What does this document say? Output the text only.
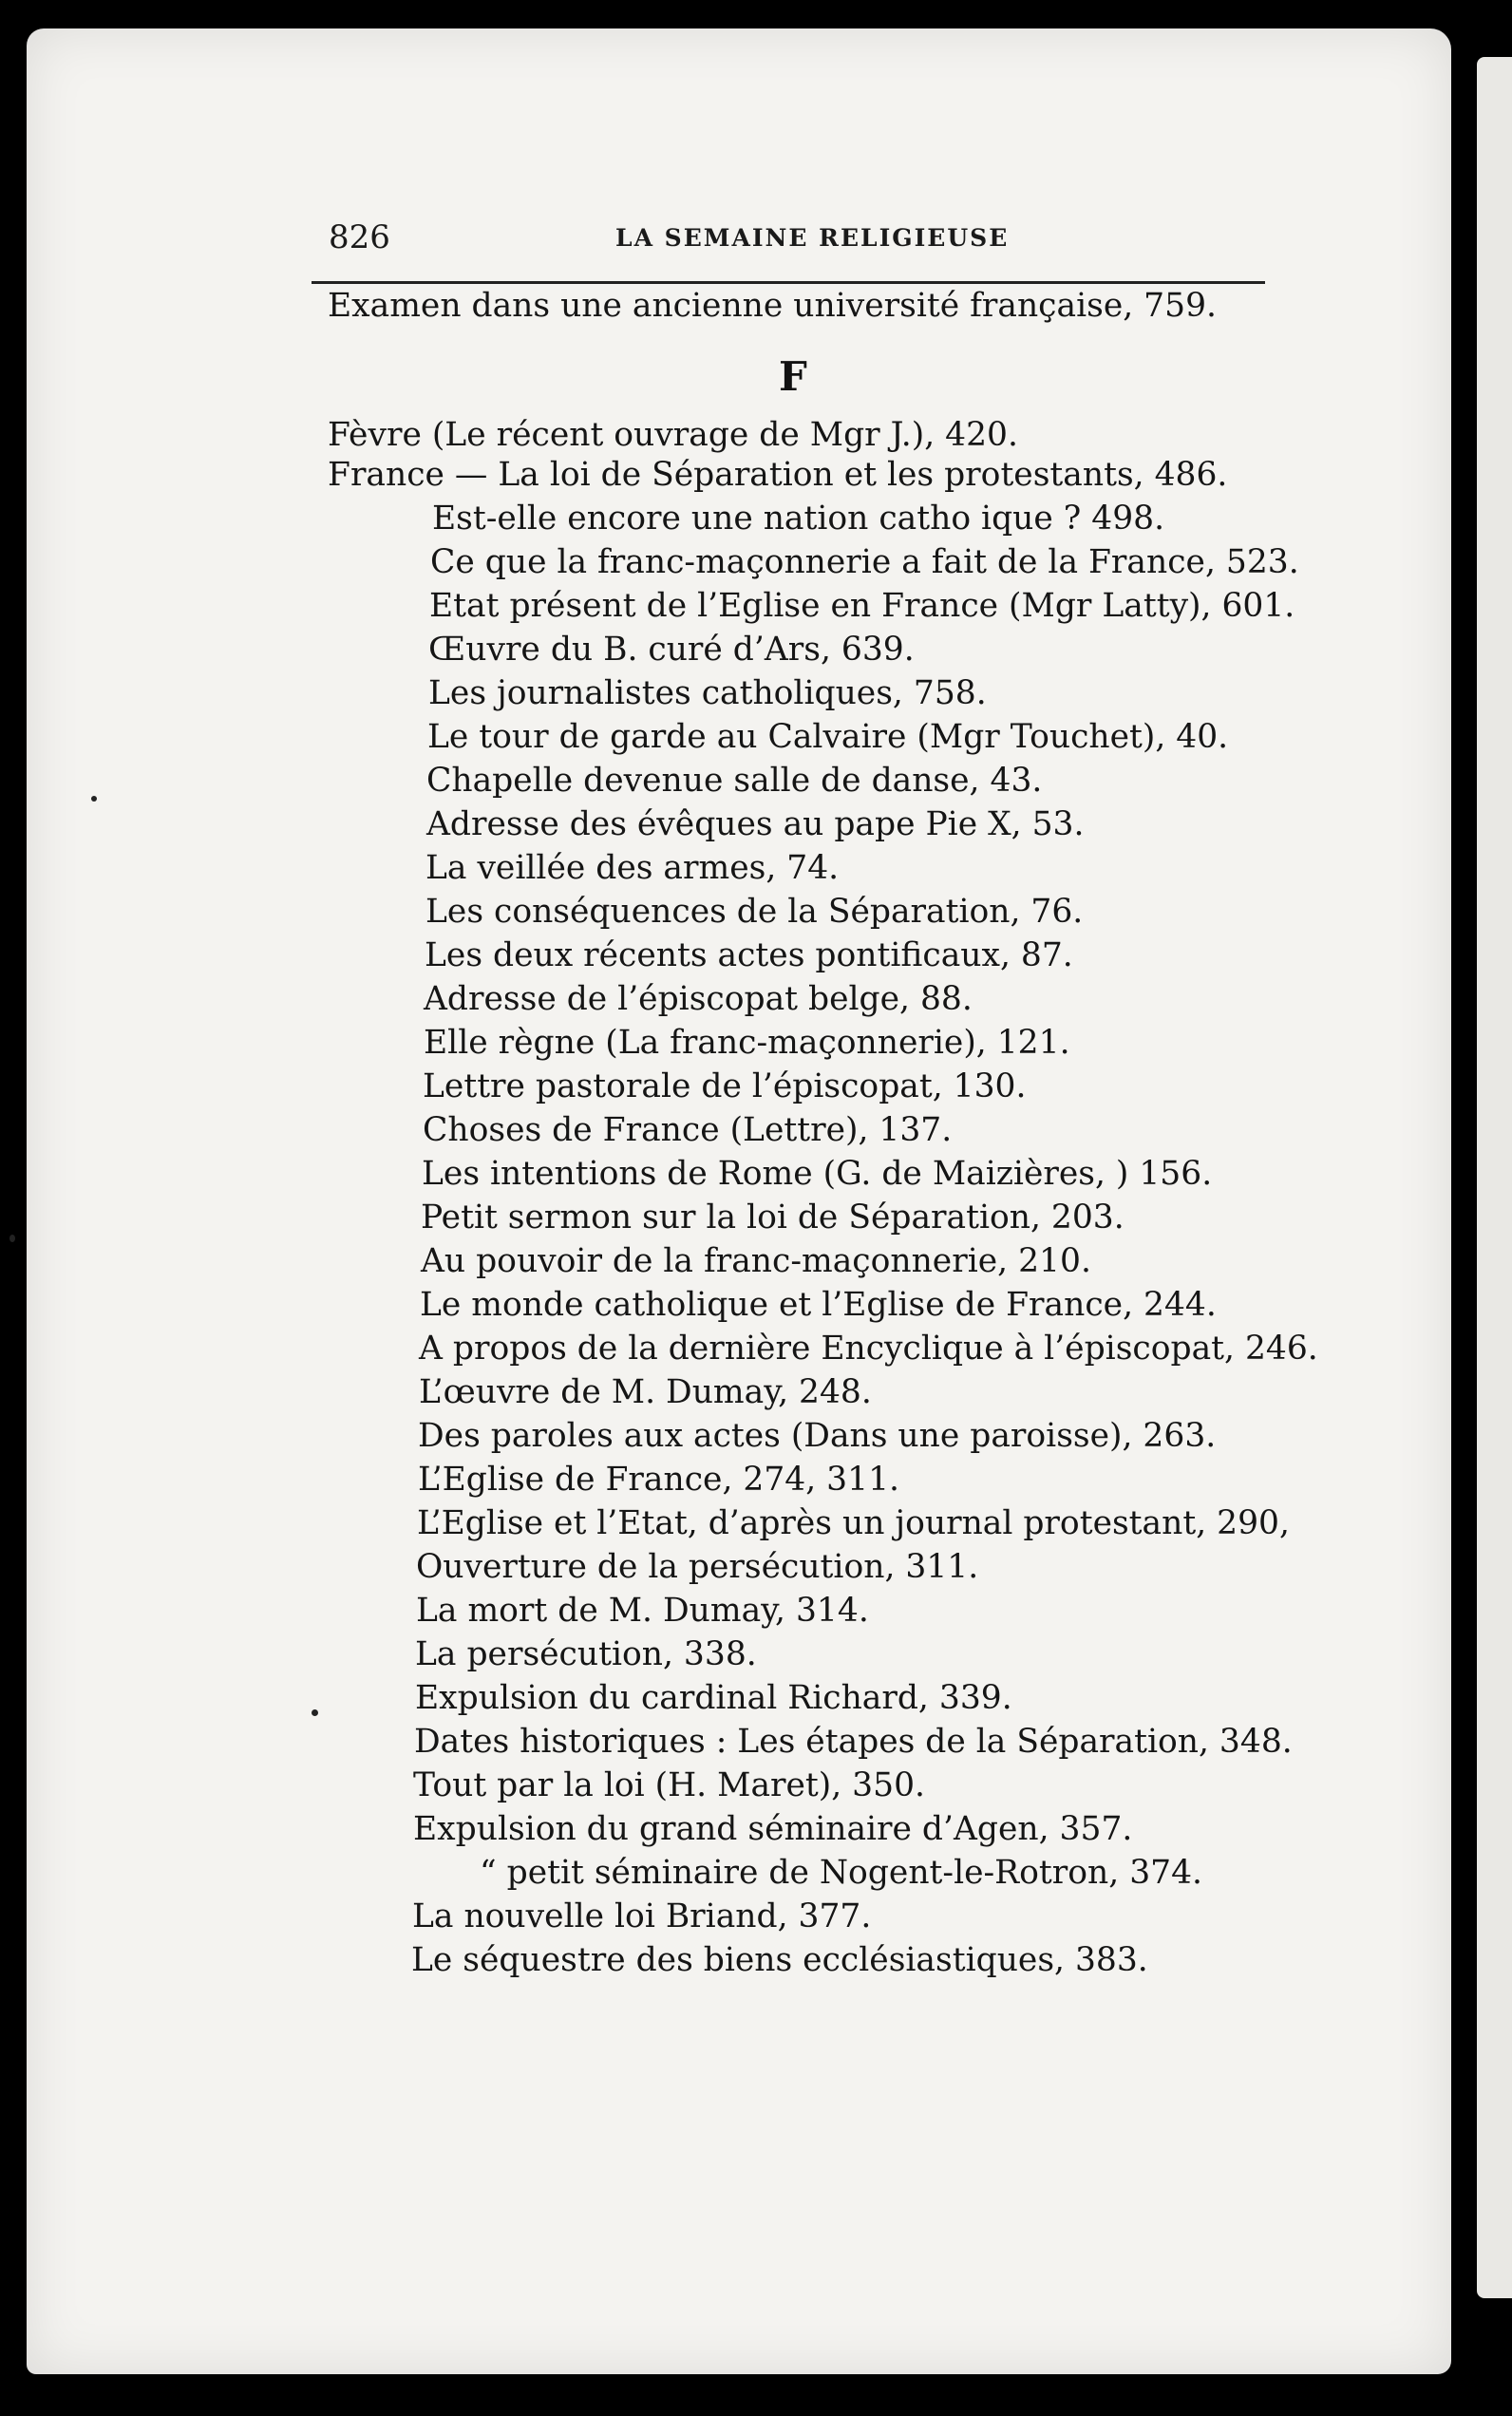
826	LA SEMAINE RELIGIEUSE
Examen dans une ancienne université française, 759.
F
Fèvre (Le récent ouvrage de Mgr J.), 420.
France — La loi de Séparation et les protestants, 486.
Est-elle encore une nation catho ique ? 498.
Ce que la franc-maçonnerie a fait de la France, 523.
Etat présent de l’Eglise en France (Mgr Latty), 601.
Œuvre du B. curé d’Ars, 639.
Les journalistes catholiques, 758.
Le tour de garde au Calvaire (Mgr Touchet), 40.
Chapelle devenue salle de danse, 43.
Adresse des évêques au pape Pie X, 53.
La veillée des armes, 74.
Les conséquences de la Séparation, 76.
Les deux récents actes pontificaux, 87.
Adresse de l’épiscopat belge, 88.
Elle règne (La franc-maçonnerie), 121.
Lettre pastorale de l’épiscopat, 130.
Choses de France (Lettre), 137.
Les intentions de Rome (G. de Maizières, ) 156.
Petit sermon sur la loi de Séparation, 203.
Au pouvoir de la franc-maçonnerie, 210.
Le monde catholique et l’Eglise de France, 244.
A propos de la dernière Encyclique à l’épiscopat, 246.
L’œuvre de M. Dumay, 248.
Des paroles aux actes (Dans une paroisse), 263.
L’Eglise de France, 274, 311.
L’Eglise et l’Etat, d’après un journal protestant, 290,
Ouverture de la persécution, 311.
La mort de M. Dumay, 314.
La persécution, 338.
Expulsion du cardinal Richard, 339.
Dates historiques : Les étapes de la Séparation, 348.
Tout par la loi (H. Maret), 350.
Expulsion du grand séminaire d’Agen, 357.
“ petit séminaire de Nogent-le-Rotron, 374.
La nouvelle loi Briand, 377.
Le séquestre des biens ecclésiastiques, 383.
